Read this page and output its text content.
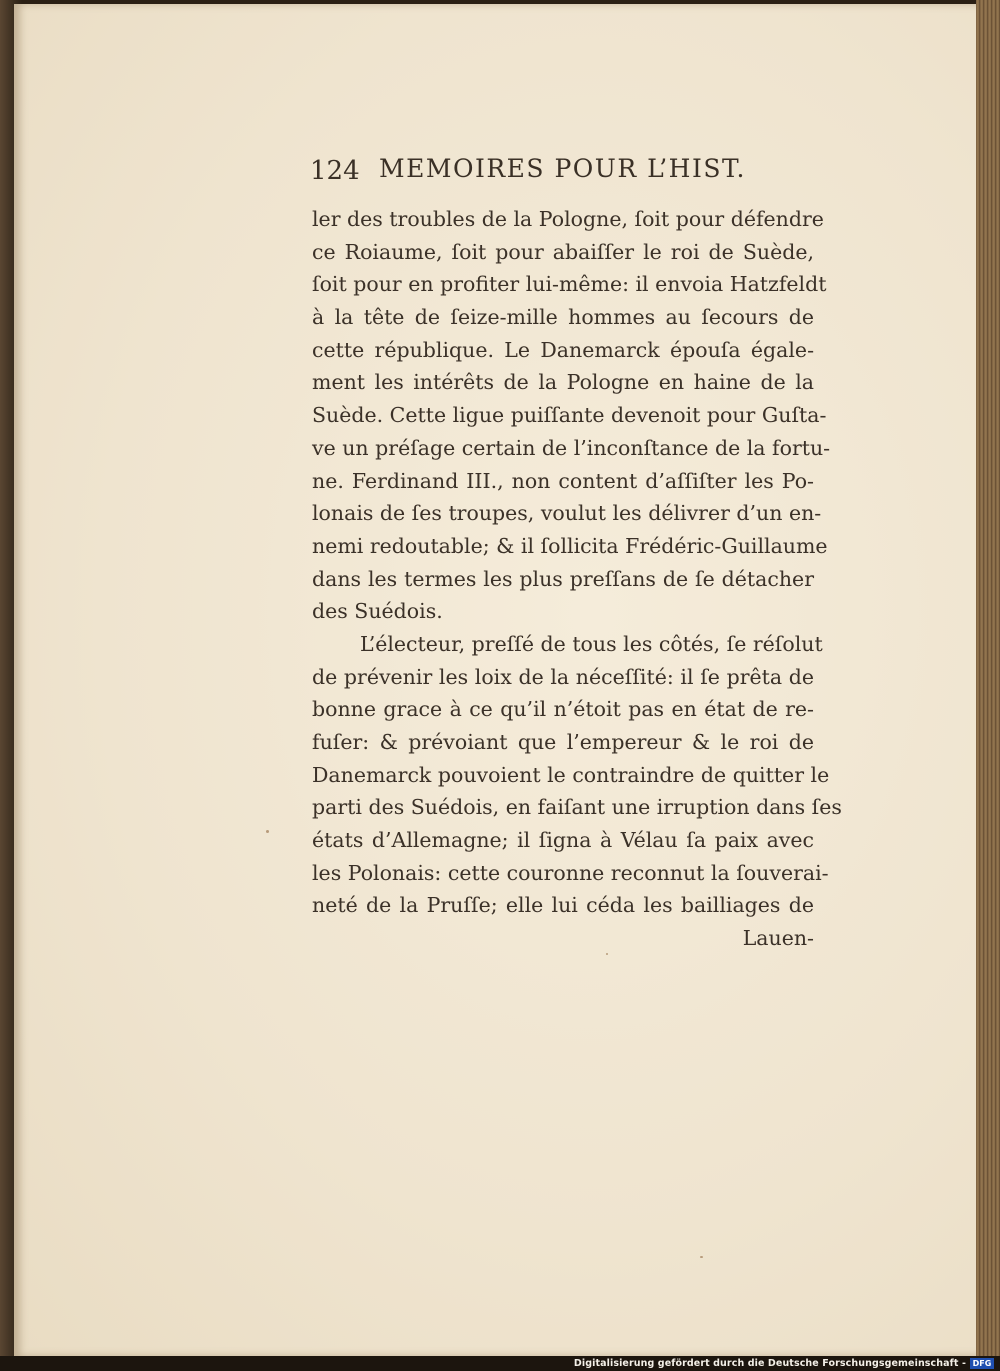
124 MEMOIRES POUR L’HIST.
ler des troubles de la Pologne, ſoit pour défendre
ce Roiaume, ſoit pour abaiſſer le roi de Suède,
ſoit pour en profiter lui-même: il envoia Hatzfeldt
à la tête de ſeize-mille hommes au ſecours de
cette république. Le Danemarck épouſa égale-
ment les intérêts de la Pologne en haine de la
Suède. Cette ligue puiſſante devenoit pour Guſta-
ve un préſage certain de l’inconſtance de la fortu-
ne. Ferdinand III., non content d’aſſiſter les Po-
lonais de ſes troupes, voulut les délivrer d’un en-
nemi redoutable; & il ſollicita Frédéric-Guillaume
dans les termes les plus preſſans de ſe détacher
des Suédois.
L’électeur, preſſé de tous les côtés, ſe réſolut
de prévenir les loix de la néceſſité: il ſe prêta de
bonne grace à ce qu’il n’étoit pas en état de re-
fuſer: & prévoiant que l’empereur & le roi de
Danemarck pouvoient le contraindre de quitter le
parti des Suédois, en faiſant une irruption dans ſes
états d’Allemagne; il ſigna à Vélau ſa paix avec
les Polonais: cette couronne reconnut la ſouverai-
neté de la Pruſſe; elle lui céda les bailliages de
Lauen-
Digitalisierung gefördert durch die Deutsche Forschungsgemeinschaft - DFG
